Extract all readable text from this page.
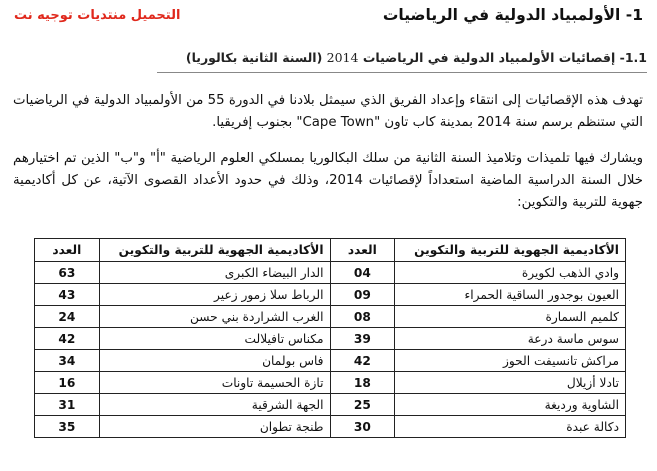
التحميل منتديات توجيه نت	1- الأولمبياد الدولية في الرياضيات
1.1- إقصائيات الأولمبياد الدولية في الرياضيات 2014 (السنة الثانية بكالوريا)
تهدف هذه الإقصائيات إلى انتقاء وإعداد الفريق الذي سيمثل بلادنا في الدورة 55 من الأولمبياد الدولية في الرياضيات التي ستنظم برسم سنة 2014 بمدينة كاب تاون "Cape Town" بجنوب إفريقيا.
ويشارك فيها تلميذات وتلاميذ السنة الثانية من سلك البكالوريا بمسلكي العلوم الرياضية "أ" و"ب" الذين تم اختيارهم خلال السنة الدراسية الماضية استعداداً لإقصائيات 2014، وذلك في حدود الأعداد القصوى الآتية، عن كل أكاديمية جهوية للتربية والتكوين:
الأكاديمية الجهوية للتربية والتكوين	العدد	الأكاديمية الجهوية للتربية والتكوين	العدد
وادي الذهب لكويرة	04	الدار البيضاء الكبرى	63
العيون بوجدور الساقية الحمراء	09	الرباط سلا زمور زعير	43
كلميم السمارة	08	الغرب الشراردة بني حسن	24
سوس ماسة درعة	39	مكناس تافيلالت	42
مراكش تانسيفت الحوز	42	فاس بولمان	34
تادلا أزيلال	18	تازة الحسيمة تاونات	16
الشاوية ورديغة	25	الجهة الشرقية	31
دكالة عبدة	30	طنجة تطوان	35
